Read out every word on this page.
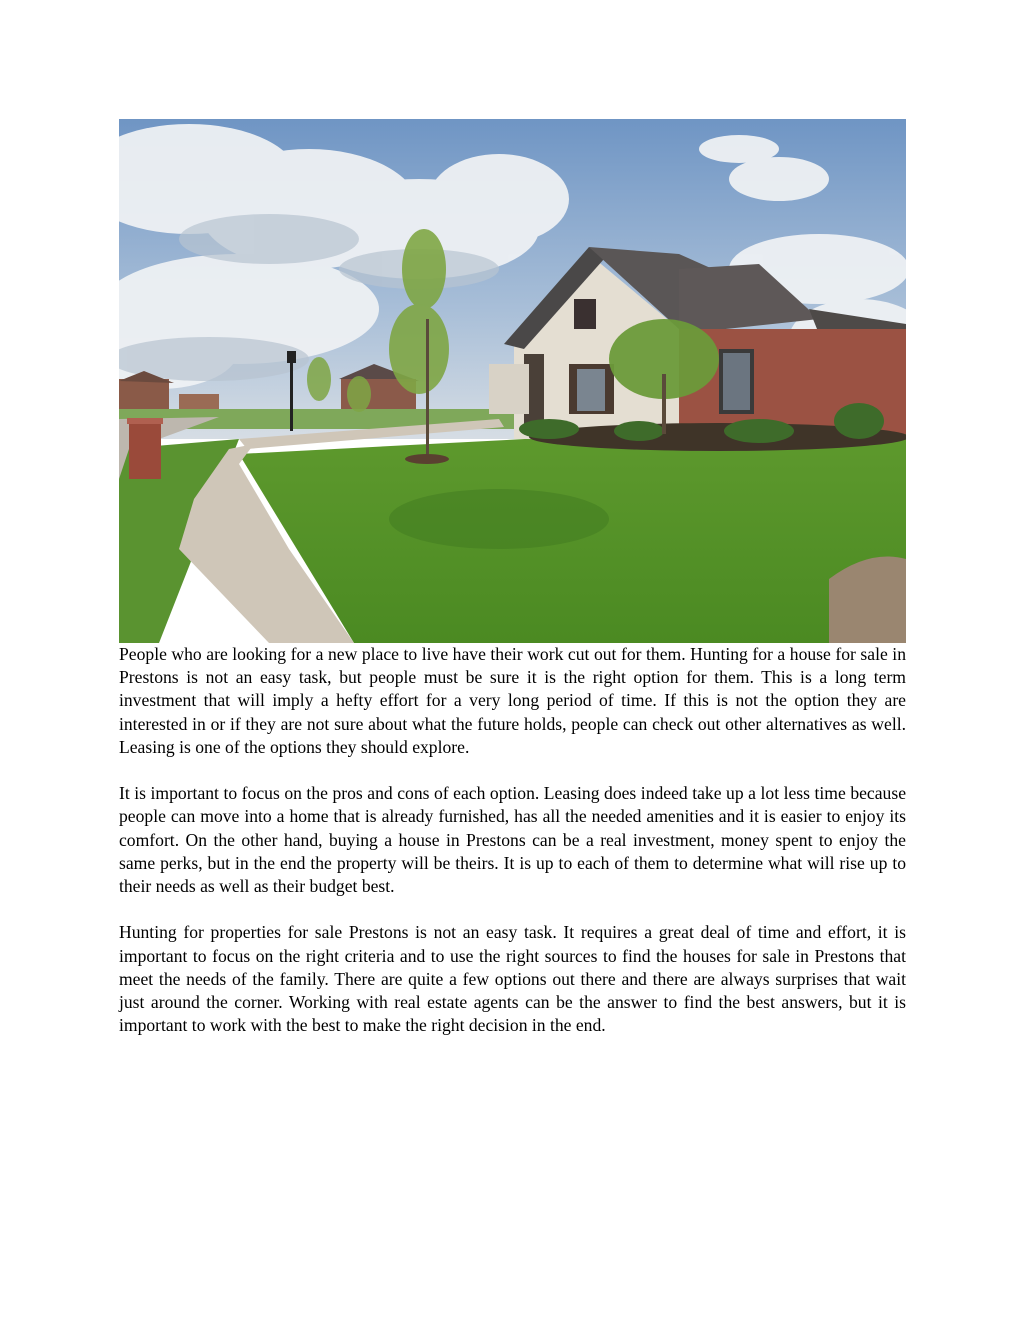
People who are looking for a new place to live have their work cut out for them. Hunting for a house for sale in Prestons is not an easy task, but people must be sure it is the right option for them. This is a long term investment that will imply a hefty effort for a very long period of time. If this is not the option they are interested in or if they are not sure about what the future holds, people can check out other alternatives as well. Leasing is one of the options they should explore.

It is important to focus on the pros and cons of each option. Leasing does indeed take up a lot less time because people can move into a home that is already furnished, has all the needed amenities and it is easier to enjoy its comfort. On the other hand, buying a house in Prestons can be a real investment, money spent to enjoy the same perks, but in the end the property will be theirs. It is up to each of them to determine what will rise up to their needs as well as their budget best.

Hunting for properties for sale Prestons is not an easy task. It requires a great deal of time and effort, it is important to focus on the right criteria and to use the right sources to find the houses for sale in Prestons that meet the needs of the family. There are quite a few options out there and there are always surprises that wait just around the corner. Working with real estate agents can be the answer to find the best answers, but it is important to work with the best to make the right decision in the end.
